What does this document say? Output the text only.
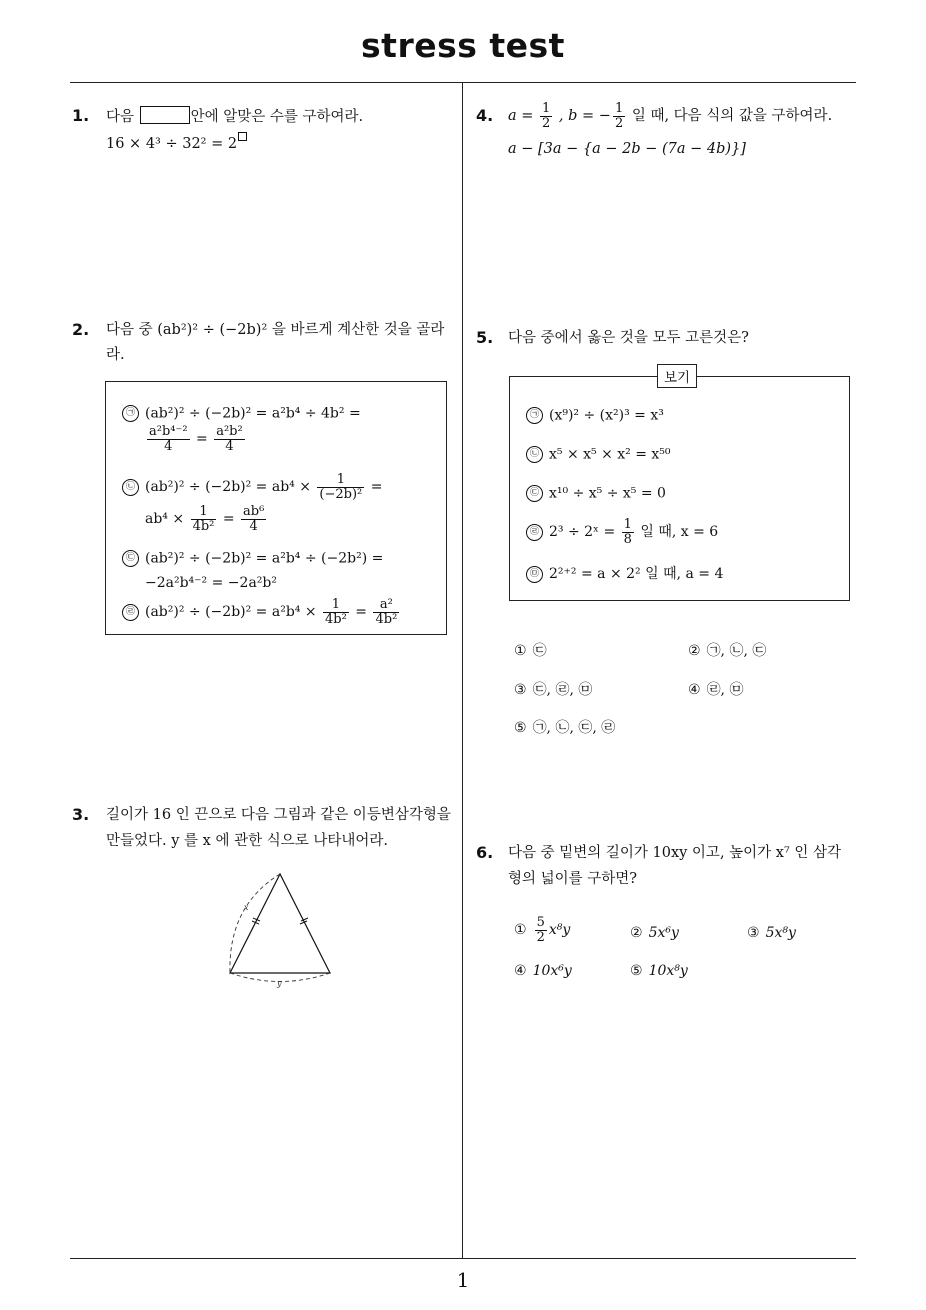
stress test
1
1. 다음	안에 알맞은 수를 구하여라.
16 × 4³ ÷ 32² = 2
2. 다음 중 (ab²)² ÷ (−2b)² 을 바르게 계산한 것을 골라
라.
㉠ (ab²)² ÷ (−2b)² = a²b⁴ ÷ 4b² =
$\frac{\text{a²b⁴⁻²}}{4} = \frac{\text{a²b²}}{4}$
㉡ $(ab^2)^2 \div (-2b)^2 = ab^4 \times \frac{1}{\text{(−2b)²}}$ =
$ab^4 \times \frac{1}{\text{4b²}} = \frac{\text{ab⁶}}{4}$
㉢ (ab²)² ÷ (−2b)² = a²b⁴ ÷ (−2b²) =
−2a²b⁴⁻² = −2a²b²
㉣ $(ab^2)^2 \div (-2b)^2 = a^2b^4 \times \frac{1}{\text{4b²}} = \frac{\text{a²}}{\text{4b²}}$
3. 길이가 16 인 끈으로 다음 그림과 같은 이등변삼각형을
만들었다. y 를 x 에 관한 식으로 나타내어라.
x
y
4. $a = \frac{1}{2}$ , b = − $\frac{1}{2}$ 일 때, 다음 식의 값을 구하여라.
a − [3a − {a − 2b − (7a − 4b)}]
5. 다음 중에서 옳은 것을 모두 고른것은?
보기
㉠ (x⁹)² ÷ (x²)³ = x³
㉡ x⁵ × x⁵ × x² = x⁵⁰
㉢ x¹⁰ ÷ x⁵ ÷ x⁵ = 0
㉣ 2³ ÷ 2ˣ = $\frac{1}{8}$ 일 때, x = 6
㉤ 2²⁺² = a × 2² 일 때, a = 4
① ㉢	② ㉠, ㉡, ㉢
③ ㉢, ㉣, ㉤	④ ㉣, ㉤
⑤ ㉠, ㉡, ㉢, ㉣
6. 다음 중 밑변의 길이가 10xy 이고, 높이가 x⁷ 인 삼각
형의 넓이를 구하면?
① $\frac{5}{2} x^8y$	② 5x⁶y	③ 5x⁸y
④ 10x⁶y	⑤ 10x⁸y
